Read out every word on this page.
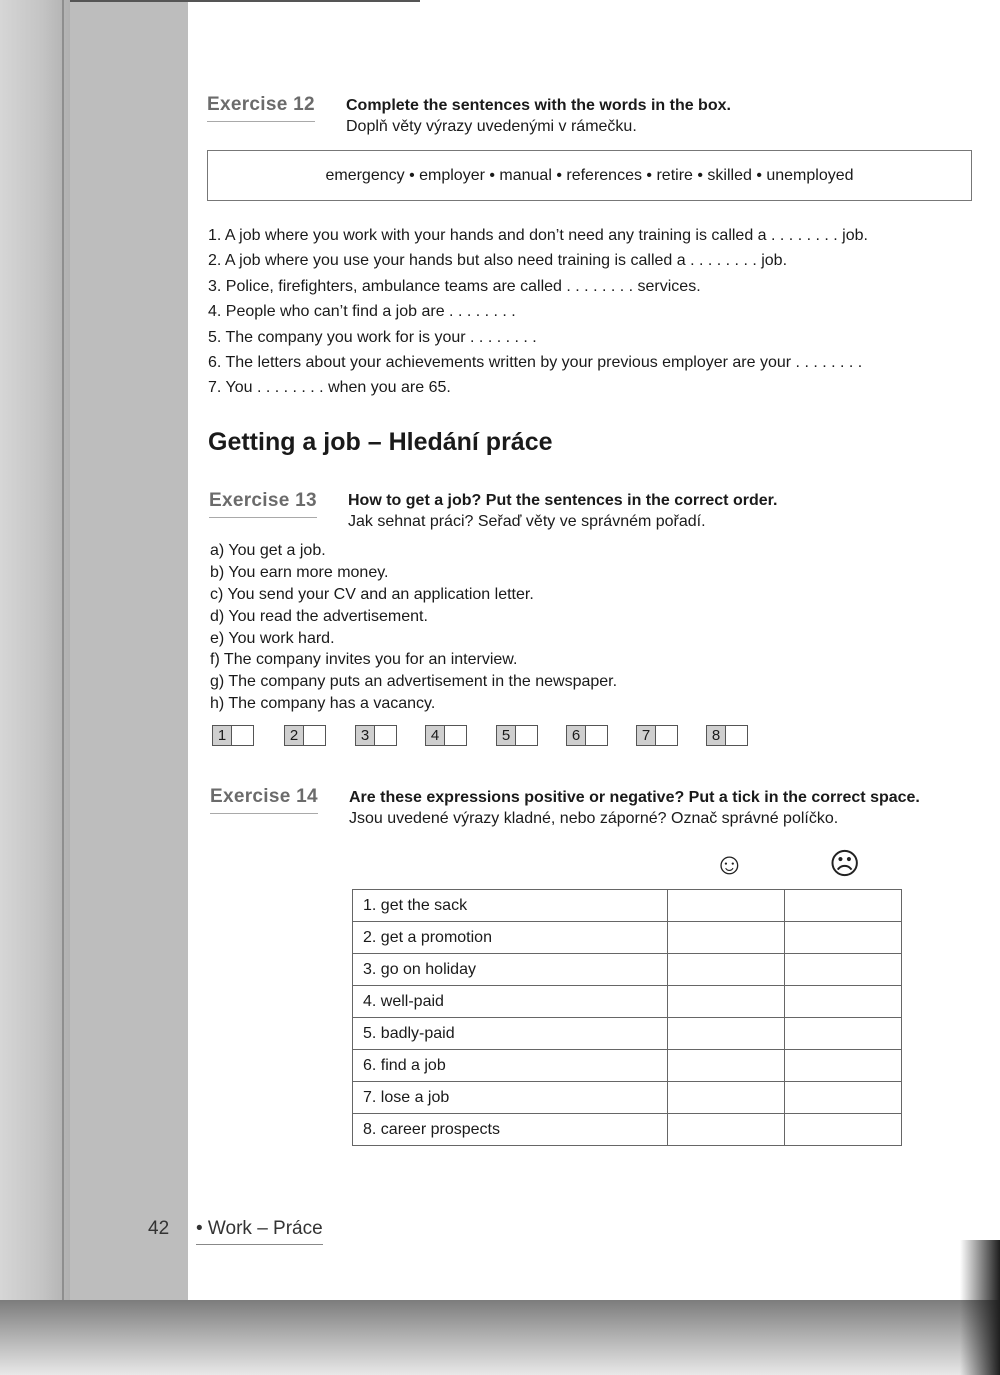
Exercise 12 Complete the sentences with the words in the box.
Doplň věty výrazy uvedenými v rámečku.
emergency • employer • manual • references • retire • skilled • unemployed
1. A job where you work with your hands and don’t need any training is called a . . . . . . . . job.
2. A job where you use your hands but also need training is called a . . . . . . . . job.
3. Police, firefighters, ambulance teams are called . . . . . . . . services.
4. People who can’t find a job are . . . . . . . .
5. The company you work for is your . . . . . . . .
6. The letters about your achievements written by your previous employer are your . . . . . . . .
7. You . . . . . . . . when you are 65.
Getting a job – Hledání práce
Exercise 13 How to get a job? Put the sentences in the correct order.
Jak sehnat práci? Seřaď věty ve správném pořadí.
a) You get a job.
b) You earn more money.
c) You send your CV and an application letter.
d) You read the advertisement.
e) You work hard.
f) The company invites you for an interview.
g) The company puts an advertisement in the newspaper.
h) The company has a vacancy.
1	2	3	4	5	6	7	8
Exercise 14 Are these expressions positive or negative? Put a tick in the correct space.
Jsou uvedené výrazy kladné, nebo záporné? Označ správné políčko.
☺	☹
1. get the sack		
2. get a promotion		
3. go on holiday		
4. well-paid		
5. badly-paid		
6. find a job		
7. lose a job		
8. career prospects		
42 • Work – Práce
